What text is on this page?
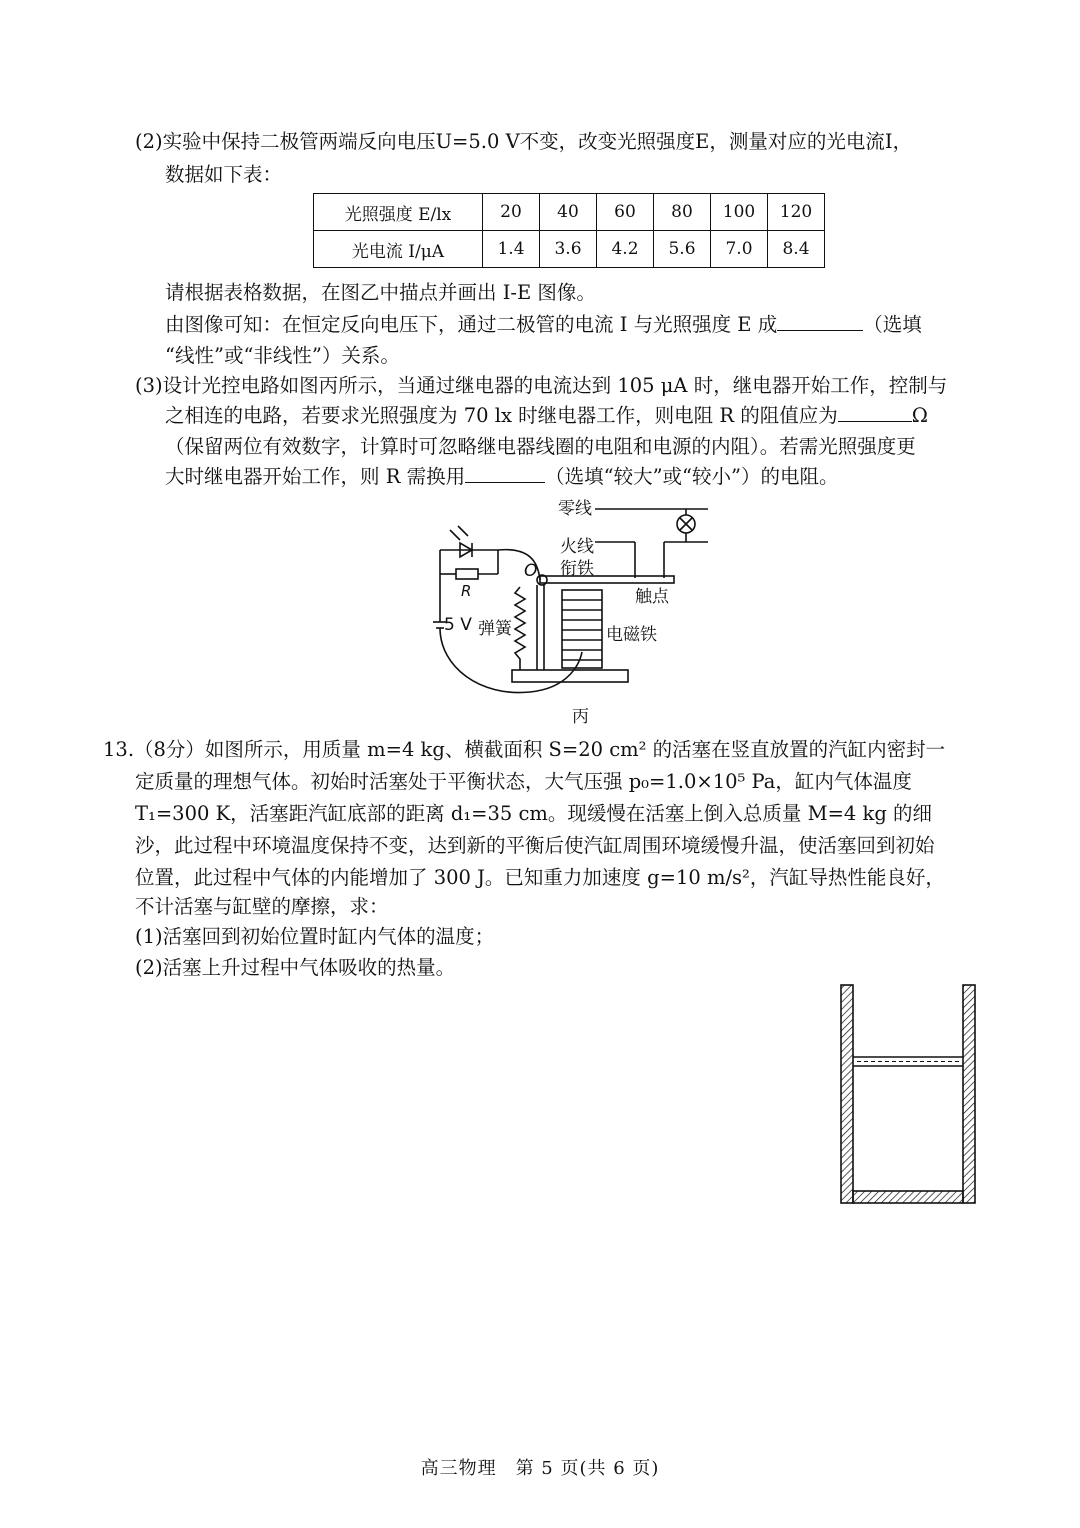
(2)实验中保持二极管两端反向电压U=5.0 V不变，改变光照强度E，测量对应的光电流I，
数据如下表：
光照强度 E/lx	20	40	60	80	100	120
光电流 I/μA	1.4	3.6	4.2	5.6	7.0	8.4
请根据表格数据，在图乙中描点并画出 I-E 图像。
由图像可知：在恒定反向电压下，通过二极管的电流 I 与光照强度 E 成	（选填
“线性”或“非线性”）关系。
(3)设计光控电路如图丙所示，当通过继电器的电流达到 105 μA 时，继电器开始工作，控制与
之相连的电路，若要求光照强度为 70 lx 时继电器工作，则电阻 R 的阻值应为	Ω
（保留两位有效数字，计算时可忽略继电器线圈的电阻和电源的内阻）。若需光照强度更
大时继电器开始工作，则 R 需换用	（选填“较大”或“较小”）的电阻。
零线
火线
衔铁
O
R	触点
5 V 弹簧	电磁铁
丙
13.（8分）如图所示，用质量 m=4 kg、横截面积 S=20 cm² 的活塞在竖直放置的汽缸内密封一
定质量的理想气体。初始时活塞处于平衡状态，大气压强 p₀=1.0×10⁵ Pa，缸内气体温度
T₁=300 K，活塞距汽缸底部的距离 d₁=35 cm。现缓慢在活塞上倒入总质量 M=4 kg 的细
沙，此过程中环境温度保持不变，达到新的平衡后使汽缸周围环境缓慢升温，使活塞回到初始
位置，此过程中气体的内能增加了 300 J。已知重力加速度 g=10 m/s²，汽缸导热性能良好，
不计活塞与缸壁的摩擦，求：
(1)活塞回到初始位置时缸内气体的温度；
(2)活塞上升过程中气体吸收的热量。
高三物理　第 5 页(共 6 页)
